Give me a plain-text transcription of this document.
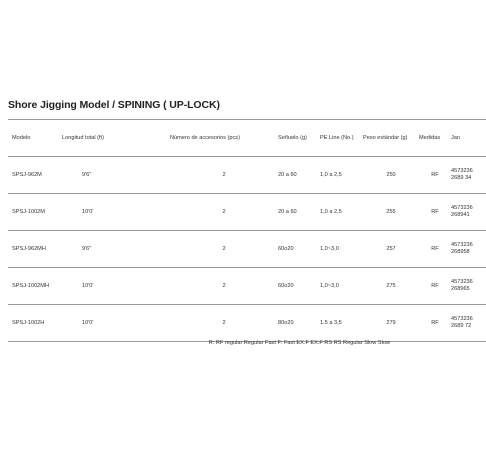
Shore Jigging Model / SPINING ( UP-LOCK)
Modelo	Longitud total (ft)	Número de accesorios (pcs)	Señuelo (g)	PE Line (No.)	Peso estándar (g)	Medidas	Jan
SPSJ-962M	9'6"	2	20 a 60	1,0 a 2,5	250	RF	4573236
2689 34
SPSJ-1002M	10'0'	2	20 a 60	1,0 a 2,5	255	RF	4573236
268941
SPSJ-962MH	9'6"	2	60o20	1,0~3,0	257	RF	4573236
268958
SPSJ-1002MH	10'0'	2	60o20	1,0~3,0	275	RF	4573236
268965
SPSJ-1002H	10'0'	2	80o20	1.5 a 3,5	279	RF	4573236
2689 72
R: RF regular Regular Fast F: Fast EX.F EX.F RS RS Regular Slow Slow
